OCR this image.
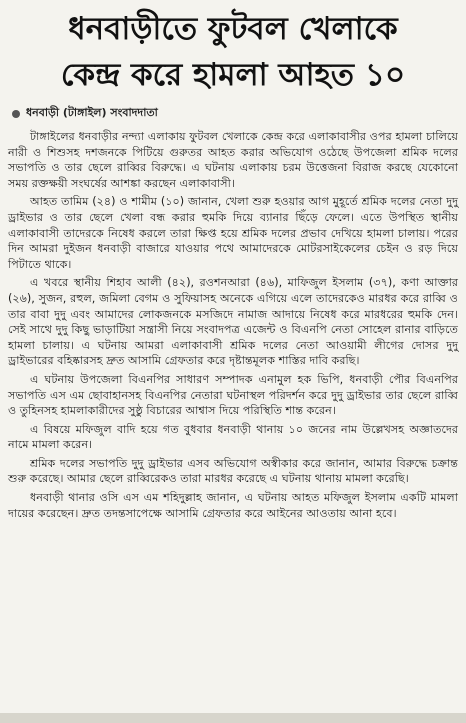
ধনবাড়ীতে ফুটবল খেলাকে
কেন্দ্র করে হামলা আহত ১০
ধনবাড়ী (টাঙ্গাইল) সংবাদদাতা

টাঙ্গাইলের ধনবাড়ীর নন্দ্যা এলাকায় ফুটবল খেলাকে কেন্দ্র করে এলাকাবাসীর ওপর হামলা চালিয়ে নারী ও শিশুসহ দশজনকে পিটিয়ে গুরুতর আহত করার অভিযোগ ওঠেছে উপজেলা শ্রমিক দলের সভাপতি ও তার ছেলে রাব্বির বিরুদ্ধে। এ ঘটনায় এলাকায় চরম উত্তেজনা বিরাজ করছে যেকোনো সময় রক্তক্ষয়ী সংঘর্ষের আশঙ্কা করছেন এলাকাবাসী।

আহত তামিম (২৪) ও শামীম (১০) জানান, খেলা শুরু হওয়ার আগ মুহূর্তে শ্রমিক দলের নেতা দুদু ড্রাইভার ও তার ছেলে খেলা বন্ধ করার হুমকি দিয়ে ব্যানার ছিঁড়ে ফেলে। এতে উপস্থিত স্থানীয় এলাকাবাসী তাদেরকে নিষেধ করলে তারা ক্ষিপ্ত হয়ে শ্রমিক দলের প্রভাব দেখিয়ে হামলা চালায়। পরের দিন আমরা দুইজন ধনবাড়ী বাজারে যাওয়ার পথে আমাদেরকে মোটরসাইকেলের চেইন ও রড় দিয়ে পিটাতে থাকে।

এ খবরে স্থানীয় শিহাব আলী (৪২), রওশনআরা (৪৬), মাফিজুল ইসলাম (৩৭), কণা আক্তার (২৬), সুজন, রহুল, জমিলা বেগম ও সুফিয়াসহ অনেকে এগিয়ে এলে তাদেরকেও মারধর করে রাব্বি ও তার বাবা দুদু এবং আমাদের লোকজনকে মসজিদে নামাজ আদায়ে নিষেধ করে মারধরের হুমকি দেন। সেই সাথে দুদু কিছু ভাড়াটিয়া সন্ত্রাসী নিয়ে সংবাদপত্র এজেন্ট ও বিএনপি নেতা সোহেল রানার বাড়িতে হামলা চালায়। এ ঘটনায় আমরা এলাকাবাসী শ্রমিক দলের নেতা আওয়ামী লীগের দোসর দুদু ড্রাইভারের বহিষ্কারসহ দ্রুত আসামি গ্রেফতার করে দৃষ্টান্তমূলক শাস্তির দাবি করছি।

এ ঘটনায় উপজেলা বিএনপির সাধারণ সম্পাদক এনামুল হক ভিপি, ধনবাড়ী পৌর বিএনপির সভাপতি এস এম ছোবাহানসহ বিএনপির নেতারা ঘটনাস্থল পরিদর্শন করে দুদু ড্রাইভার তার ছেলে রাব্বি ও তুহিনসহ হামলাকারীদের সুষ্ঠু বিচারের আশ্বাস দিয়ে পরিস্থিতি শান্ত করেন।

এ বিষয়ে মফিজুল বাদি হয়ে গত বুধবার ধনবাড়ী থানায় ১০ জনের নাম উল্লেখসহ অজ্ঞাতদের নামে মামলা করেন।

শ্রমিক দলের সভাপতি দুদু ড্রাইভার এসব অভিযোগ অস্বীকার করে জানান, আমার বিরুদ্ধে চক্রান্ত শুরু করেছে। আমার ছেলে রাব্বিরেকও তারা মারধর করেছে এ ঘটনায় থানায় মামলা করেছি।

ধনবাড়ী থানার ওসি এস এম শহিদুল্লাহ জানান, এ ঘটনায় আহত মফিজুল ইসলাম একটি মামলা দায়ের করেছেন। দ্রুত তদন্তসাপেক্ষে আসামি গ্রেফতার করে আইনের আওতায় আনা হবে।
